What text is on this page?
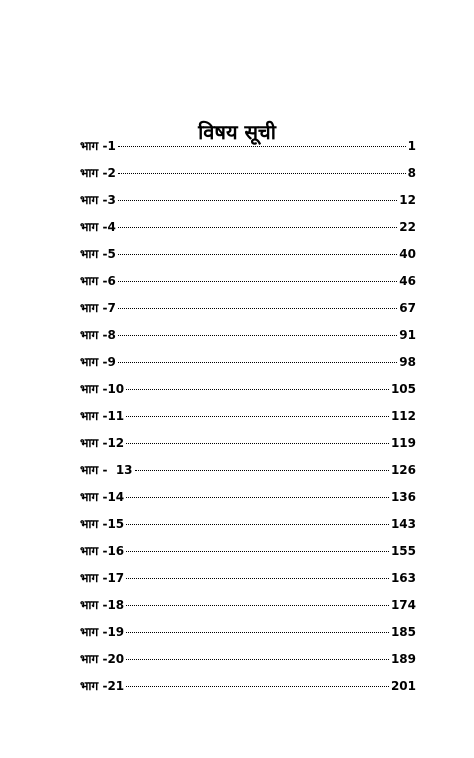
विषय सूची
भाग -1	1
भाग -2	8
भाग -3	12
भाग -4	22
भाग -5	40
भाग -6	46
भाग -7	67
भाग -8	91
भाग -9	98
भाग -10	105
भाग -11	112
भाग -12	119
भाग -  13	126
भाग -14	136
भाग -15	143
भाग -16	155
भाग -17	163
भाग -18	174
भाग -19	185
भाग -20	189
भाग -21	201
